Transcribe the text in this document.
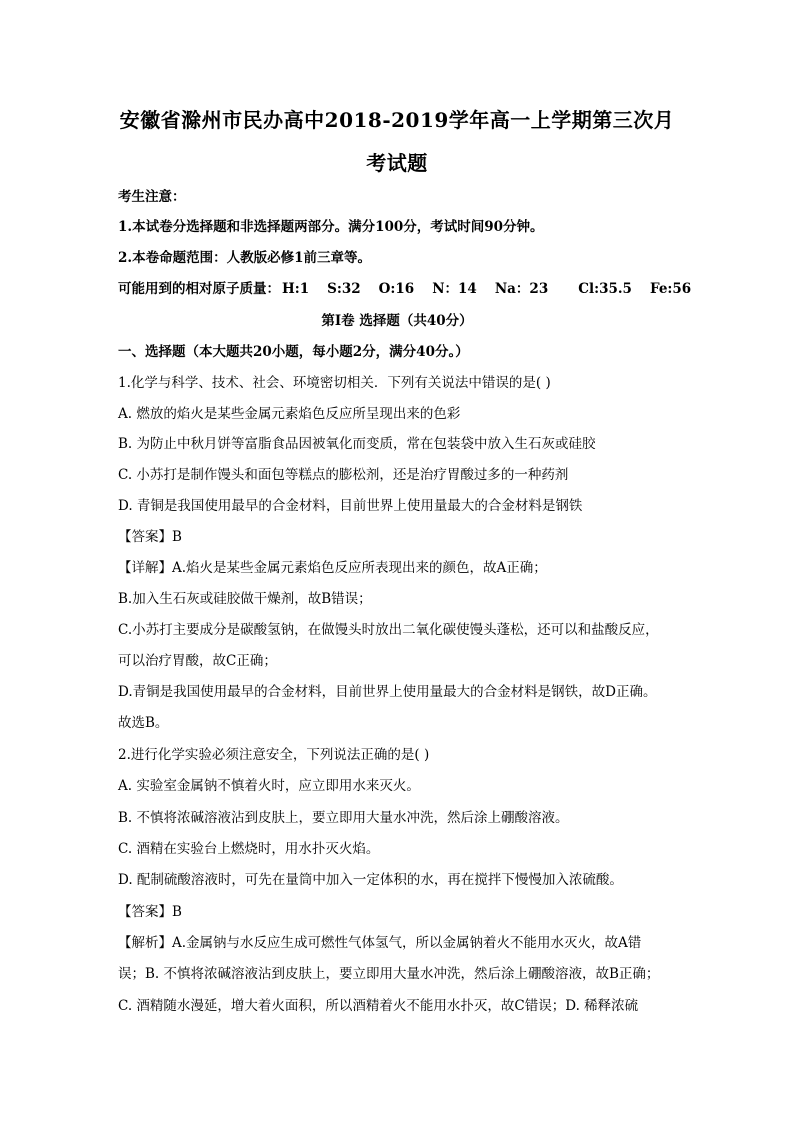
安徽省滁州市民办高中2018-2019学年高一上学期第三次月
考试题
考生注意：
1.本试卷分选择题和非选择题两部分。满分100分，考试时间90分钟。
2.本卷命题范围：人教版必修1前三章等。
可能用到的相对原子质量： H:1 S:32 O:16 N：14 Na：23 Cl:35.5 Fe:56
第I卷 选择题（共40分）
一、选择题（本大题共20小题，每小题2分，满分40分。）
1.化学与科学、技术、社会、环境密切相关．下列有关说法中错误的是( )
A. 燃放的焰火是某些金属元素焰色反应所呈现出来的色彩
B. 为防止中秋月饼等富脂食品因被氧化而变质，常在包装袋中放入生石灰或硅胶
C. 小苏打是制作馒头和面包等糕点的膨松剂，还是治疗胃酸过多的一种药剂
D. 青铜是我国使用最早的合金材料，目前世界上使用量最大的合金材料是钢铁
【答案】B
【详解】A.焰火是某些金属元素焰色反应所表现出来的颜色，故A正确；
B.加入生石灰或硅胶做干燥剂，故B错误；
C.小苏打主要成分是碳酸氢钠，在做馒头时放出二氧化碳使馒头蓬松，还可以和盐酸反应，
可以治疗胃酸，故C正确；
D.青铜是我国使用最早的合金材料，目前世界上使用量最大的合金材料是钢铁，故D正确。
故选B。
2.进行化学实验必须注意安全，下列说法正确的是( )
A. 实验室金属钠不慎着火时，应立即用水来灭火。
B. 不慎将浓碱溶液沾到皮肤上，要立即用大量水冲洗，然后涂上硼酸溶液。
C. 酒精在实验台上燃烧时，用水扑灭火焰。
D. 配制硫酸溶液时，可先在量筒中加入一定体积的水，再在搅拌下慢慢加入浓硫酸。
【答案】B
【解析】A.金属钠与水反应生成可燃性气体氢气，所以金属钠着火不能用水灭火，故A错
误；B. 不慎将浓碱溶液沾到皮肤上，要立即用大量水冲洗，然后涂上硼酸溶液，故B正确；
C. 酒精随水漫延，增大着火面积，所以酒精着火不能用水扑灭，故C错误；D. 稀释浓硫
